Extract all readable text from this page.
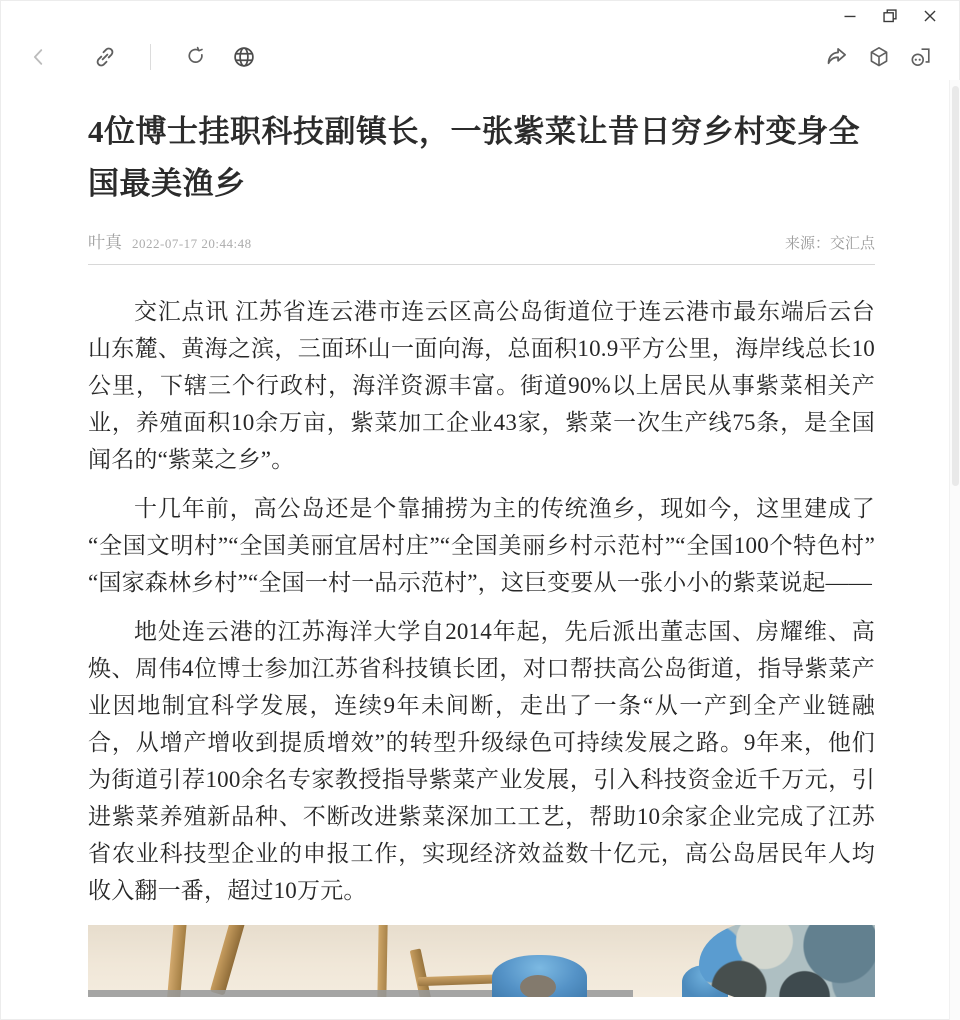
4位博士挂职科技副镇长，一张紫菜让昔日穷乡村变身全国最美渔乡
叶真 2022-07-17 20:44:48	来源：交汇点

交汇点讯 江苏省连云港市连云区高公岛街道位于连云港市最东端后云台山东麓、黄海之滨，三面环山一面向海，总面积10.9平方公里，海岸线总长10公里，下辖三个行政村，海洋资源丰富。街道90%以上居民从事紫菜相关产业，养殖面积10余万亩，紫菜加工企业43家，紫菜一次生产线75条，是全国闻名的“紫菜之乡”。

十几年前，高公岛还是个靠捕捞为主的传统渔乡，现如今，这里建成了“全国文明村”“全国美丽宜居村庄”“全国美丽乡村示范村”“全国100个特色村”“国家森林乡村”“全国一村一品示范村”，这巨变要从一张小小的紫菜说起——

地处连云港的江苏海洋大学自2014年起，先后派出董志国、房耀维、高焕、周伟4位博士参加江苏省科技镇长团，对口帮扶高公岛街道，指导紫菜产业因地制宜科学发展，连续9年未间断，走出了一条“从一产到全产业链融合，从增产增收到提质增效”的转型升级绿色可持续发展之路。9年来，他们为街道引荐100余名专家教授指导紫菜产业发展，引入科技资金近千万元，引进紫菜养殖新品种、不断改进紫菜深加工工艺，帮助10余家企业完成了江苏省农业科技型企业的申报工作，实现经济效益数十亿元，高公岛居民年人均收入翻一番，超过10万元。
